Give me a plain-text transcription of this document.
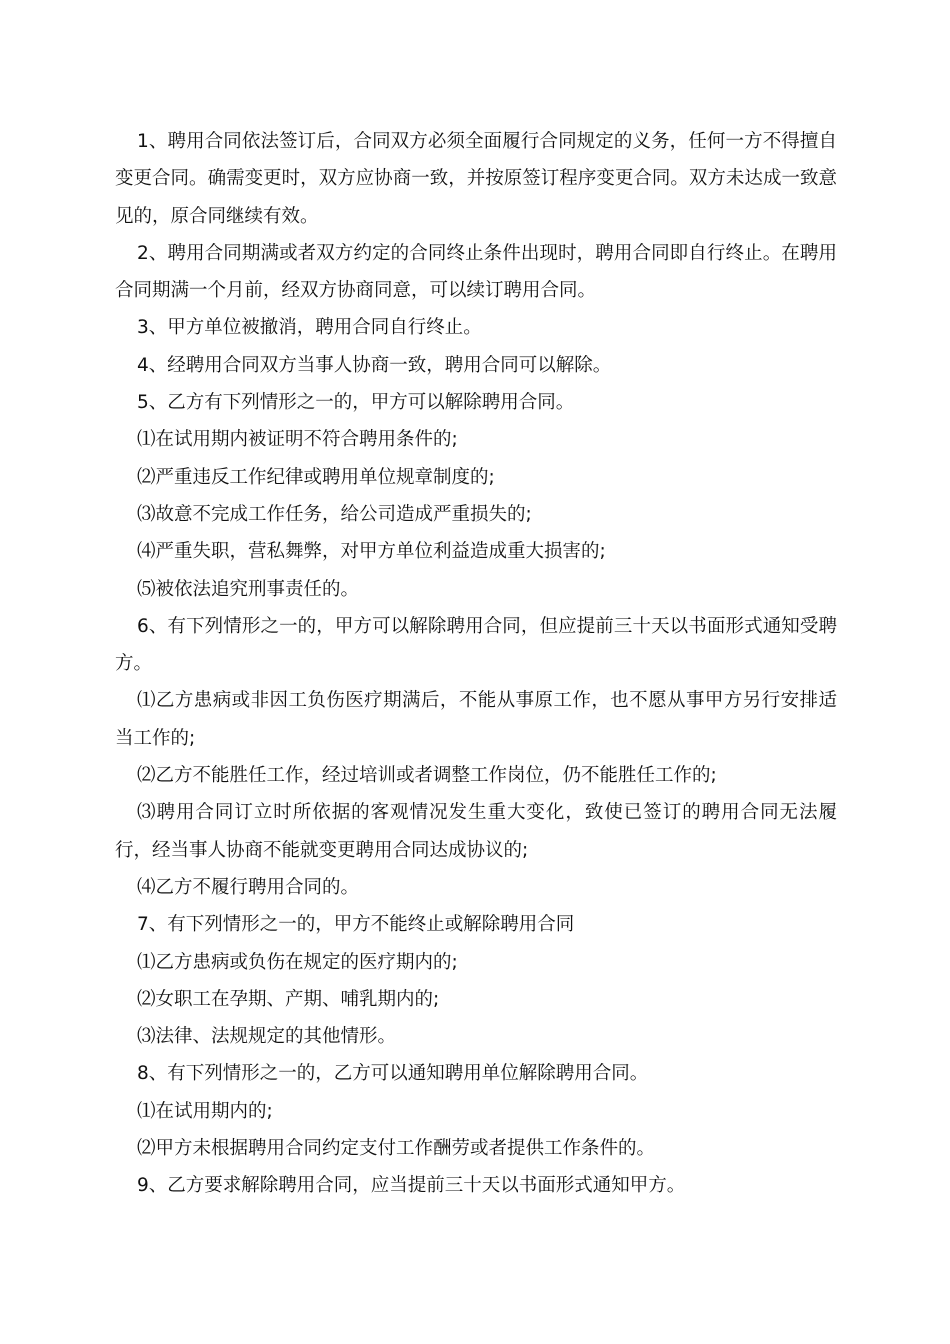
1、聘用合同依法签订后，合同双方必须全面履行合同规定的义务，任何一方不得擅自变更合同。确需变更时，双方应协商一致，并按原签订程序变更合同。双方未达成一致意见的，原合同继续有效。

2、聘用合同期满或者双方约定的合同终止条件出现时，聘用合同即自行终止。在聘用合同期满一个月前，经双方协商同意，可以续订聘用合同。

3、甲方单位被撤消，聘用合同自行终止。

4、经聘用合同双方当事人协商一致，聘用合同可以解除。

5、乙方有下列情形之一的，甲方可以解除聘用合同。

⑴在试用期内被证明不符合聘用条件的;

⑵严重违反工作纪律或聘用单位规章制度的;

⑶故意不完成工作任务，给公司造成严重损失的;

⑷严重失职，营私舞弊，对甲方单位利益造成重大损害的;

⑸被依法追究刑事责任的。

6、有下列情形之一的，甲方可以解除聘用合同，但应提前三十天以书面形式通知受聘方。

⑴乙方患病或非因工负伤医疗期满后，不能从事原工作，也不愿从事甲方另行安排适当工作的;

⑵乙方不能胜任工作，经过培训或者调整工作岗位，仍不能胜任工作的;

⑶聘用合同订立时所依据的客观情况发生重大变化，致使已签订的聘用合同无法履行，经当事人协商不能就变更聘用合同达成协议的;

⑷乙方不履行聘用合同的。

7、有下列情形之一的，甲方不能终止或解除聘用合同

⑴乙方患病或负伤在规定的医疗期内的;

⑵女职工在孕期、产期、哺乳期内的;

⑶法律、法规规定的其他情形。

8、有下列情形之一的，乙方可以通知聘用单位解除聘用合同。

⑴在试用期内的;

⑵甲方未根据聘用合同约定支付工作酬劳或者提供工作条件的。

9、乙方要求解除聘用合同，应当提前三十天以书面形式通知甲方。
